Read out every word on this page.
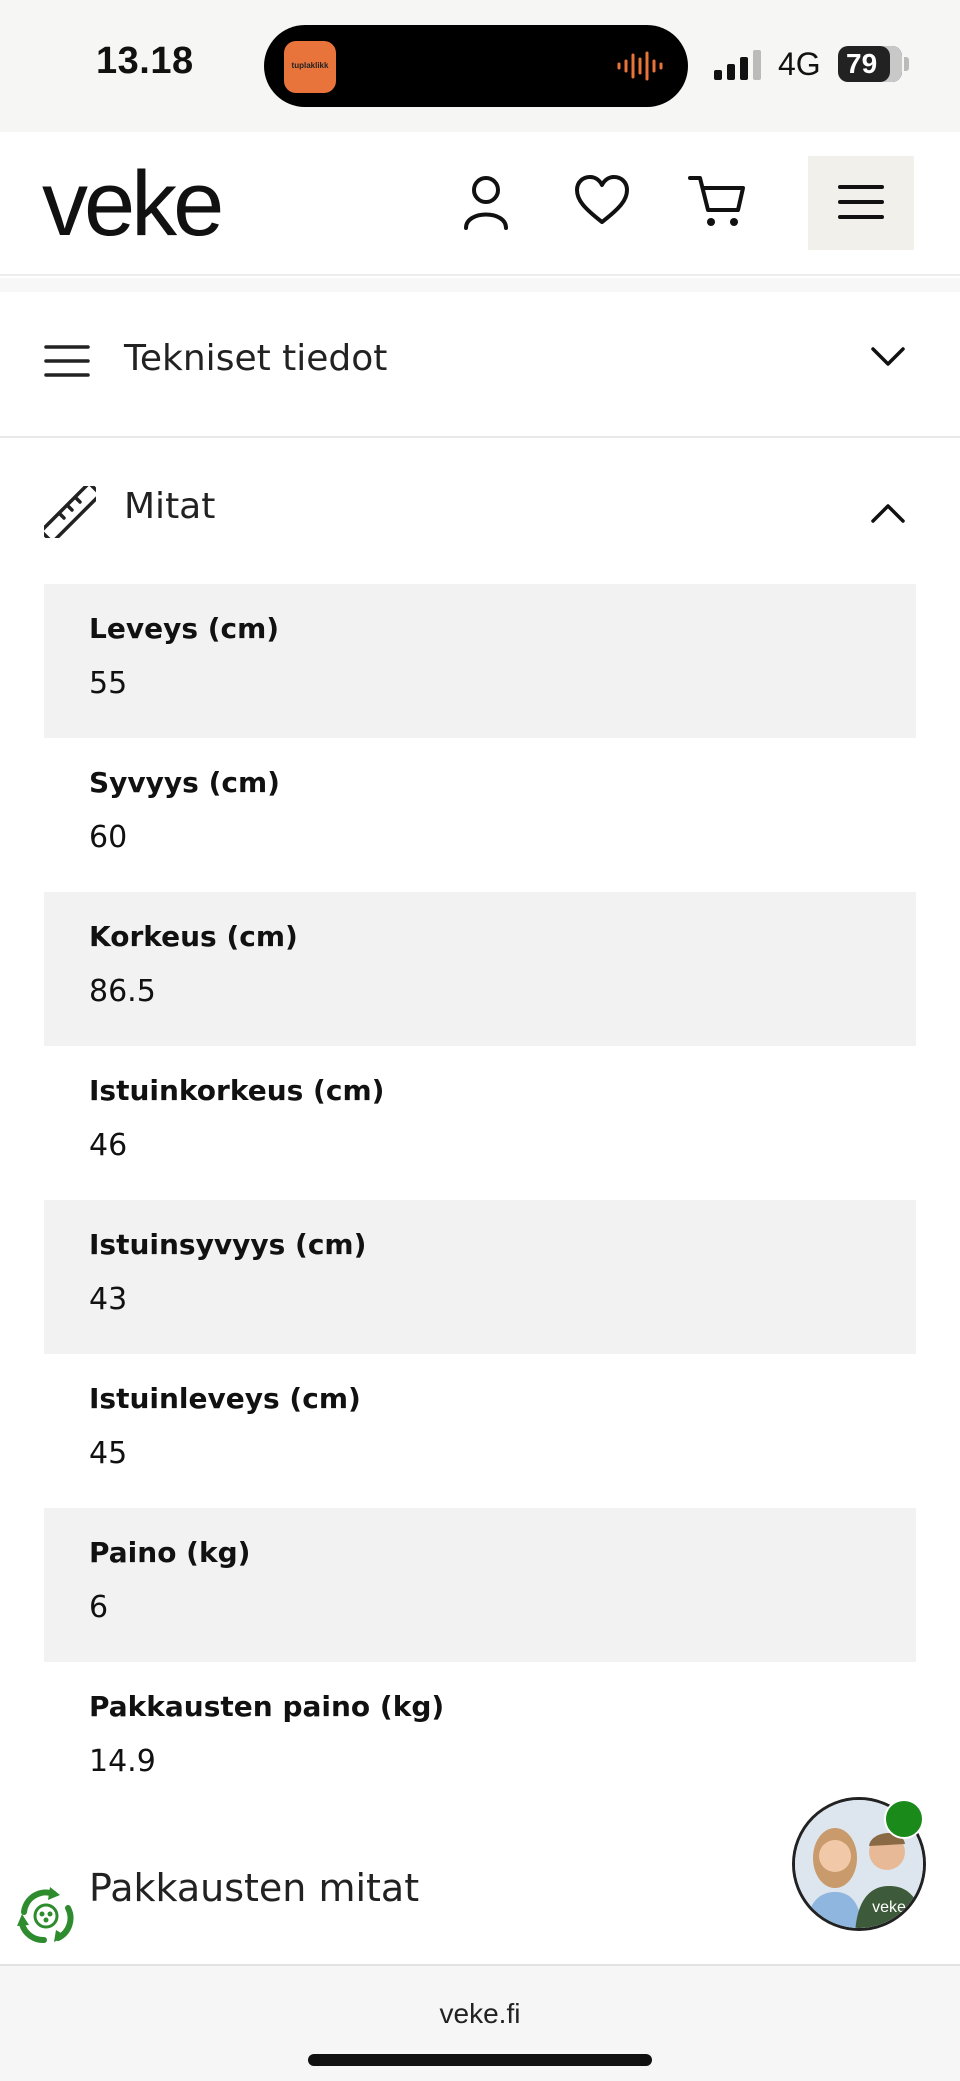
13.18	tuplaklikk	4G 79
veke
Tekniset tiedot
Mitat
Leveys (cm)
55
Syvyys (cm)
60
Korkeus (cm)
86.5
Istuinkorkeus (cm)
46
Istuinsyvyys (cm)
43
Istuinleveys (cm)
45
Paino (kg)
6
Pakkausten paino (kg)
14.9
Pakkausten mitat	veke
veke.fi
